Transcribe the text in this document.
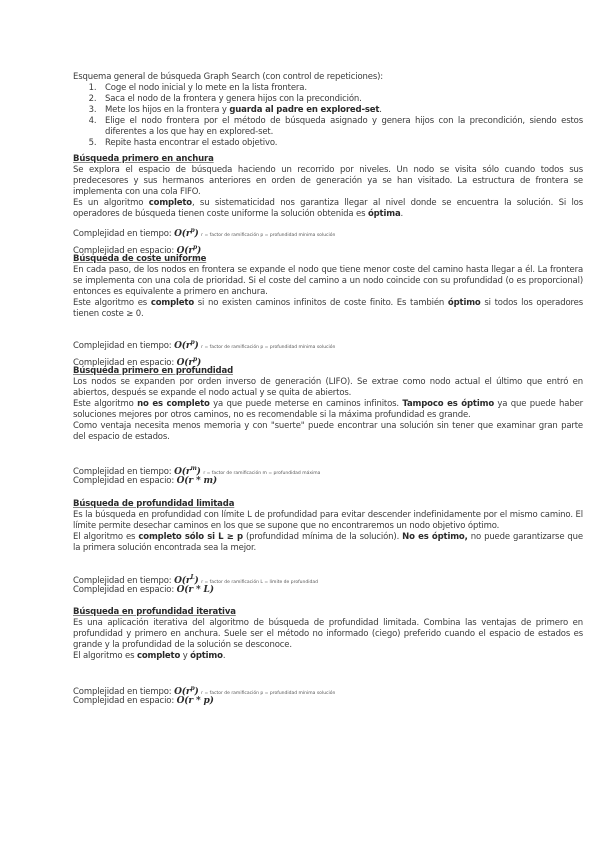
Esquema general de búsqueda Graph Search (con control de repeticiones):

1. Coge el nodo inicial y lo mete en la lista frontera.
2. Saca el nodo de la frontera y genera hijos con la precondición.
3. Mete los hijos en la frontera y guarda al padre en explored-set.
4. Elige el nodo frontera por el método de búsqueda asignado y genera hijos con la precondición, siendo estos diferentes a los que hay en explored-set.
5. Repite hasta encontrar el estado objetivo.

Búsqueda primero en anchura

Se explora el espacio de búsqueda haciendo un recorrido por niveles. Un nodo se visita sólo cuando todos sus predecesores y sus hermanos anteriores en orden de generación ya se han visitado. La estructura de frontera se implementa con una cola FIFO.

Es un algoritmo completo, su sistematicidad nos garantiza llegar al nivel donde se encuentra la solución. Si los operadores de búsqueda tienen coste uniforme la solución obtenida es óptima.

Complejidad en tiempo: $O(r^p) r$ = factor de ramificación p = profundidad mínima solución
Complejidad en espacio: $O(r^p)$

Búsqueda de coste uniforme

En cada paso, de los nodos en frontera se expande el nodo que tiene menor coste del camino hasta llegar a él. La frontera se implementa con una cola de prioridad. Si el coste del camino a un nodo coincide con su profundidad (o es proporcional) entonces es equivalente a primero en anchura.

Este algoritmo es completo si no existen caminos infinitos de coste finito. Es también óptimo si todos los operadores tienen coste ≥ 0.

Complejidad en tiempo: $O(r^p) r$ = factor de ramificación p = profundidad mínima solución
Complejidad en espacio: $O(r^p)$

Búsqueda primero en profundidad

Los nodos se expanden por orden inverso de generación (LIFO). Se extrae como nodo actual el último que entró en abiertos, después se expande el nodo actual y se quita de abiertos.

Este algoritmo no es completo ya que puede meterse en caminos infinitos. Tampoco es óptimo ya que puede haber soluciones mejores por otros caminos, no es recomendable si la máxima profundidad es grande.

Como ventaja necesita menos memoria y con "suerte" puede encontrar una solución sin tener que examinar gran parte del espacio de estados.

Complejidad en tiempo: $O(r^m) r$ = factor de ramificación m = profundidad máxima
Complejidad en espacio: O(r * m)

Búsqueda de profundidad limitada

Es la búsqueda en profundidad con límite L de profundidad para evitar descender indefinidamente por el mismo camino. El límite permite desechar caminos en los que se supone que no encontraremos un nodo objetivo óptimo.

El algoritmo es completo sólo si L ≥ p (profundidad mínima de la solución). No es óptimo, no puede garantizarse que la primera solución encontrada sea la mejor.

Complejidad en tiempo: $O(r^L) r$ = factor de ramificación L = límite de profundidad
Complejidad en espacio: O(r * L)

Búsqueda en profundidad iterativa

Es una aplicación iterativa del algoritmo de búsqueda de profundidad limitada. Combina las ventajas de primero en profundidad y primero en anchura. Suele ser el método no informado (ciego) preferido cuando el espacio de estados es grande y la profundidad de la solución se desconoce.

El algoritmo es completo y óptimo.

Complejidad en tiempo: $O(r^p) r$ = factor de ramificación p = profundidad mínima solución
Complejidad en espacio: O(r * p)
